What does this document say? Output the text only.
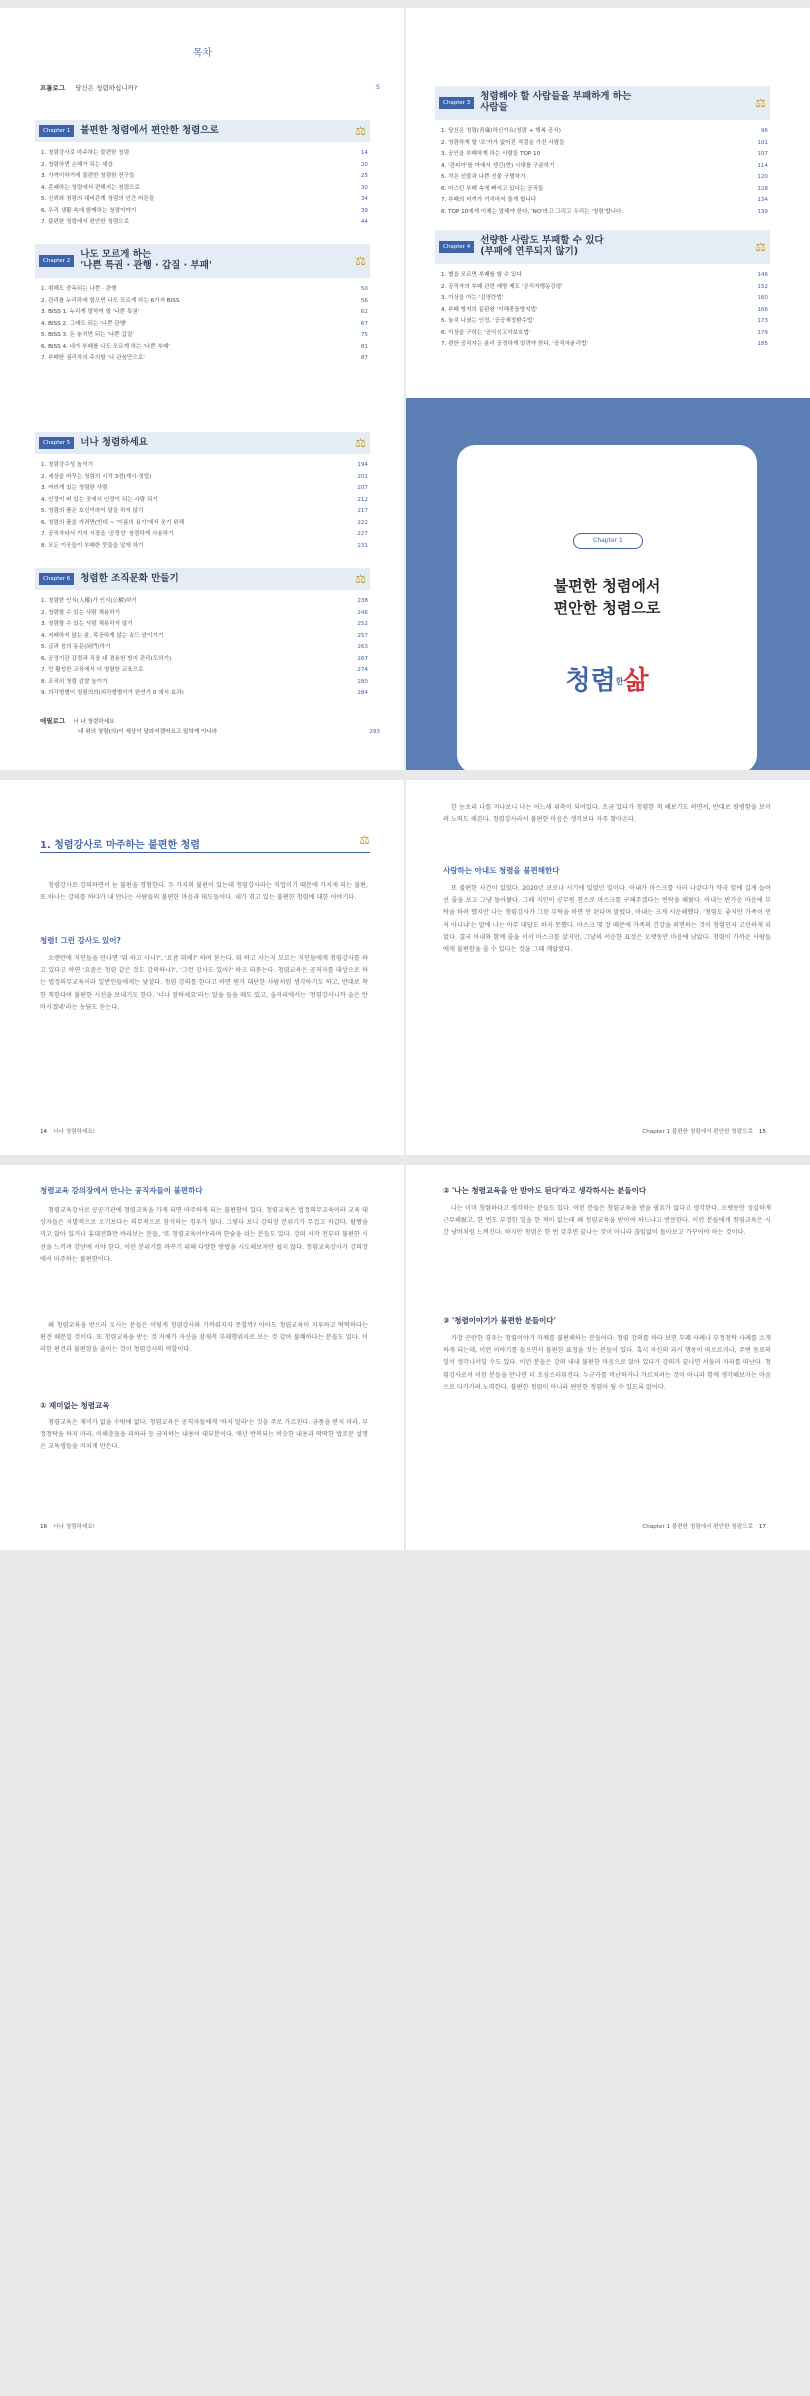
목차
프롤로그 당신은 청렴하십니까?	5
Chapter 1	불편한 청렴에서 편안한 청렴으로	⚖
1. 청렴강사로 마주하는 불편한 청렴	14
2. 청렴하면 손해가 되는 세상	20
3. 가까이하기에 불편한 청렴한 친구들	25
4. 흔쾌하는 청렴에서 편해지는 청렴으로	30
5. 신뢰와 청렴의 대비관계 청렴의 인간 어른들	34
6. 우리 생활 속에 함께하는 청렴이야기	39
7. 불편한 청렴에서 편안한 청렴으로	44
Chapter 2
나도 모르게 하는
'나쁜 특권 · 관행 · 갑질 · 부패'	⚖
1. 취해도 중독되는 나쁜 · 관행	50
2. 관리를 누리하에 함으면 나도 모르게 하는 6가지 BISS	56
3. BISS 1. 누리게 말하여 할 '나쁜 특권'	62
4. BISS 2. 그래도 되는 '나쁜 관행'	67
5. BISS 3. 돈 놓치면 되는 '나쁜 갑질'	75
6. BISS 4. 내가 부패를 나도 모르게 하는 '나쁜 부패'	81
7. 부패한 권리자의 주의할 '나 관심만으로'	87
Chapter 3
청렴해야 할 사람들을 부패하게 하는
사람들	⚖
1. 당신은 청렴(靑廉)하신가요(청렴 + 행복 공식)	96
2. 청렴하게 할 '조'자가 없어진 적절을 가진 사람들	101
3. 공인을 부패하게 하는 사람들 TOP 10	107
4. '관피아'를 아에서 생긴(현) 시대를 구분하기	114
5. 작은 선물과 나쁜 선물 구별하기	120
6. 마스턴 부패 속에 빠지고 있다는 공직들	128
7. 부패의 미끼가 거지마저 돌게 합니다	134
8. TOP 10에게 이제는 말해야 한다, 'NO'라고 그리고 우리는 '청렴'합니다.	139
Chapter 4
선량한 사람도 부패할 수 있다
(부패에 연루되지 않기)	⚖
1. 별을 모르면 부패를 할 수 있다	146
2. 공직자의 부패 관련 예방 제도 '공직자행동강령'	152
3. 이상을 아는 '김영란법'	160
4. 부패 방지의 끝판왕 '이해충돌방지법'	166
5. 놓치 나셨는 인정, '공공재정환수법'	173
6. 이상을 구하는 '공익신고자보호법'	179
7. 편한 공직자는 윤리 공정하게 알려야 한다, '공직자윤리법'	185
Chapter 5	너나 청렴하세요	⚖
1. 청렴강수성 높이기	194
2. 세상을 바꾸는 청렴의 시작 3전(계시·정립)	201
3. 여러게 있는 청렴한 사람	207
4. 인정이 떠 있는 곳에서 인정이 되는 사람 되기	212
5. 청렴의 품은 호신이라이 달을 하지 않기	217
6. 청렴의 품을 가려면(반대 ~ '이름의 용기'에서 웃기 위해	222
7. 공직자라서 거지 시장을 '공정성' 청렴하게 사용하기	227
8. 모든 이웃들이 부패한 뭇들을 알게 하기	231
Chapter 6	청렴한 조직문화 만들기	⚖
1. 청렴한 인식(人權)가 인식(公權)하기	238
2. 청렴할 수 있는 사람 채용하기	246
3. 청렴할 수 있는 사람 채용하지 않기	252
4. 지배하지 않는 윤, 목공하게 않는 송드 암이기기	257
5. 급과 음의 동문(同門)하기	263
6. 공정기관 감정과 직장 내 겸용한 방지 관리(도하기)	267
7. 민 활성한 교육에서 더 청렴한 교육으로	274
8. 조직의 청렴 감찰 높이기	280
9. 의각형별이 청렴의의(외각형별이가 완연가 0 에서 효과)	284
에필로그 너 나 청렴하세요
내 위의 청렴(의)이 세상이 달라지겠어요고 말하게 아니라	293
Chapter 1
불편한 청렴에서
편안한 청렴으로
청렴한삶
1. 청렴강사로 마주하는 불편한 청렴	⚖

청렴강사로 강의하면서 눈 불편을 경험한다. 두 가지의 불편이 있는데 청렴강사라는 직업이기 때문에 가지게 되는 불편, 또 하나는 강의를 하다가 내 만나는 사람들의 불편한 마음과 태도들이다. 내가 겪고 있는 불편한 청렴에 대한 이야기다.

청렴! 그런 강사도 있어?

오랜만에 지인들을 만나면 '뭐 하고 사니?', '요즘 뭐해?' 하며 묻는다. 뭐 하고 사는지 모르는 지인들에게 청렴강사를 하고 있다고 하면 '요즘은 청렴 같은 것도 강의하니?', '그런 강사도 있어?' 하고 되묻는다. 청렴교육은 공직자를 대상으로 하는 법정의무교육이라 일반인들에게는 낯설다. 청렴 강의를 한다고 하면 뭔가 대단한 사람처럼 생각하기도 하고, 반대로 착한 척한다며 불편한 시선을 보내기도 한다. '너나 잘하세요'라는 말을 들을 때도 있고, 술자리에서는 '청렴강사니까 술은 안 마시겠네'라는 농담도 듣는다.

14 너나 청렴하세요!

한 눈초리 나를 지나보니 나는 어느새 위축이 되어있다. 조금 있다가 청렴한 척 해보기도 하면서, 반대로 평범함을 보이려 노력도 해본다. 청렴강사라서 불편한 마음은 생각보다 자주 찾아온다.

사랑하는 아내도 청렴을 불편해한다

또 불편한 사건이 있었다. 2020년 코로나 시기에 있었던 일이다. 아내가 마스크를 사러 나갔다가 약국 앞에 길게 늘어선 줄을 보고 그냥 돌아왔다. 그때 지인이 공무원 찬스로 마스크를 구해주겠다는 연락을 해왔다. 아내는 반가운 마음에 부탁을 하려 했지만 나는 청렴강사가 그런 부탁을 하면 안 된다며 말렸다. 아내는 크게 서운해했다. '청렴도 좋지만 가족이 먼저 아니냐'는 말에 나는 아무 대답도 하지 못했다. 마스크 몇 장 때문에 가족의 건강을 외면하는 것이 청렴인지 고민하게 되었다. 결국 아내와 함께 줄을 서서 마스크를 샀지만, 그날의 서운한 표정은 오랫동안 마음에 남았다. 청렴이 가까운 사람들에게 불편함을 줄 수 있다는 것을 그때 깨달았다.

Chapter 1 불편한 청렴에서 편안한 청렴으로 15
청렴교육 강의장에서 만나는 공직자들이 불편하다

청렴교육강사로 공공기관에 청렴교육을 가게 되면 마주하게 되는 불편함이 있다. 청렴교육은 법정의무교육이라 교육 대상자들은 자발적으로 오기보다는 의무적으로 참석하는 경우가 많다. 그렇다 보니 강의장 분위기가 무겁고 차갑다. 팔짱을 끼고 앉아 있거나 휴대전화만 바라보는 분들, '또 청렴교육이야'라며 한숨을 쉬는 분들도 있다. 강의 시작 전부터 불편한 시선을 느끼며 강단에 서야 한다. 이런 분위기를 바꾸기 위해 다양한 방법을 시도해보지만 쉽지 않다. 청렴교육강사가 강의장에서 마주하는 불편함이다.

왜 청렴교육을 받으러 오시는 분들은 이렇게 청렴강사와 가까워지지 못할까? 아마도 청렴교육이 지루하고 딱딱하다는 편견 때문일 것이다. 또 청렴교육을 받는 것 자체가 자신을 잠재적 부패행위자로 보는 것 같아 불쾌하다는 분들도 있다. 이러한 편견과 불편함을 줄이는 것이 청렴강사의 역할이다.

① 재미없는 청렴교육

청렴교육은 재미가 없을 수밖에 없다. 청렴교육은 공직자들에게 '하지 말라'는 것을 주로 가르친다. 금품을 받지 마라, 부정청탁을 하지 마라, 이해충돌을 피하라 등 금지하는 내용이 대부분이다. 매년 반복되는 비슷한 내용과 딱딱한 법조문 설명은 교육생들을 지치게 만든다.

16 너나 청렴하세요!
② '나는 청렴교육을 안 받아도 된다'라고 생각하시는 분들이다

나는 이미 청렴하다고 생각하는 분들도 있다. 이런 분들은 청렴교육을 받을 필요가 없다고 생각한다. 오랫동안 성실하게 근무해왔고, 한 번도 부정한 일을 한 적이 없는데 왜 청렴교육을 받아야 하느냐고 반문한다. 이런 분들에게 청렴교육은 시간 낭비처럼 느껴진다. 하지만 청렴은 한 번 갖추면 끝나는 것이 아니라 끊임없이 돌아보고 가꾸어야 하는 것이다.

③ '청렴이야기가 불편한 분들이다'

가장 곤란한 경우는 청렴이야기 자체를 불편해하는 분들이다. 청렴 강의를 하다 보면 부패 사례나 부정청탁 사례를 소개하게 되는데, 이런 이야기를 들으면서 불편한 표정을 짓는 분들이 있다. 혹시 자신의 과거 행동이 떠오르거나, 주변 동료의 일이 생각나서일 수도 있다. 이런 분들은 강의 내내 불편한 마음으로 앉아 있다가 강의가 끝나면 서둘러 자리를 떠난다. 청렴강사로서 이런 분들을 만나면 더 조심스러워진다. 누군가를 비난하거나 가르치려는 것이 아니라 함께 생각해보자는 마음으로 다가가려 노력한다. 불편한 청렴이 아니라 편안한 청렴이 될 수 있도록 말이다.

Chapter 1 불편한 청렴에서 편안한 청렴으로 17
